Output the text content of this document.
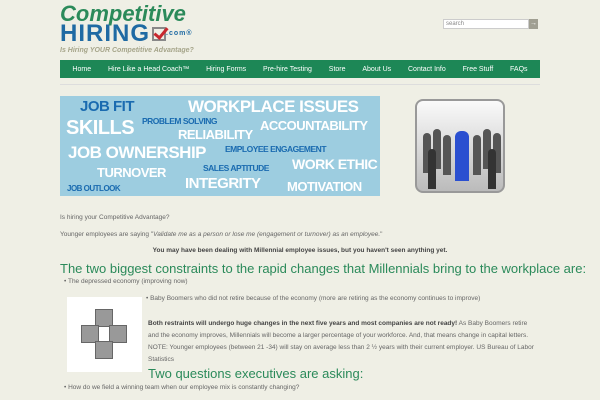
Competitive
HIRING $^{.com®}$
Is Hiring YOUR Competitive Advantage?
search	→
Home Hire Like a Head Coach™ Hiring Forms Pre-hire Testing Store About Us Contact Info Free Stuff FAQs
JOB FIT	WORKPLACE ISSUES
SKILLS PROBLEM SOLVING
RELIABILITY
ACCOUNTABILITY
JOB OWNERSHIP EMPLOYEE ENGAGEMENT
WORK ETHIC
TURNOVER	SALES APTITUDE
INTEGRITY
JOB OUTLOOK	MOTIVATION
Is hiring your Competitive Advantage?
Younger employees are saying "Validate me as a person or lose me (engagement or turnover) as an employee."
You may have been dealing with Millennial employee issues, but you haven't seen anything yet.
The two biggest constraints to the rapid changes that Millennials bring to the workplace are:
• The depressed economy (improving now)
• Baby Boomers who did not retire because of the economy (more are retiring as the economy continues to improve)
Both restraints will undergo huge changes in the next five years and most companies are not ready! As Baby Boomers retire
and the economy improves, Millennials will become a larger percentage of your workforce. And, that means change in capital letters.
NOTE: Younger employees (between 21 -34) will stay on average less than 2 ½ years with their current employer. US Bureau of Labor
Statistics
Two questions executives are asking:
• How do we field a winning team when our employee mix is constantly changing?
